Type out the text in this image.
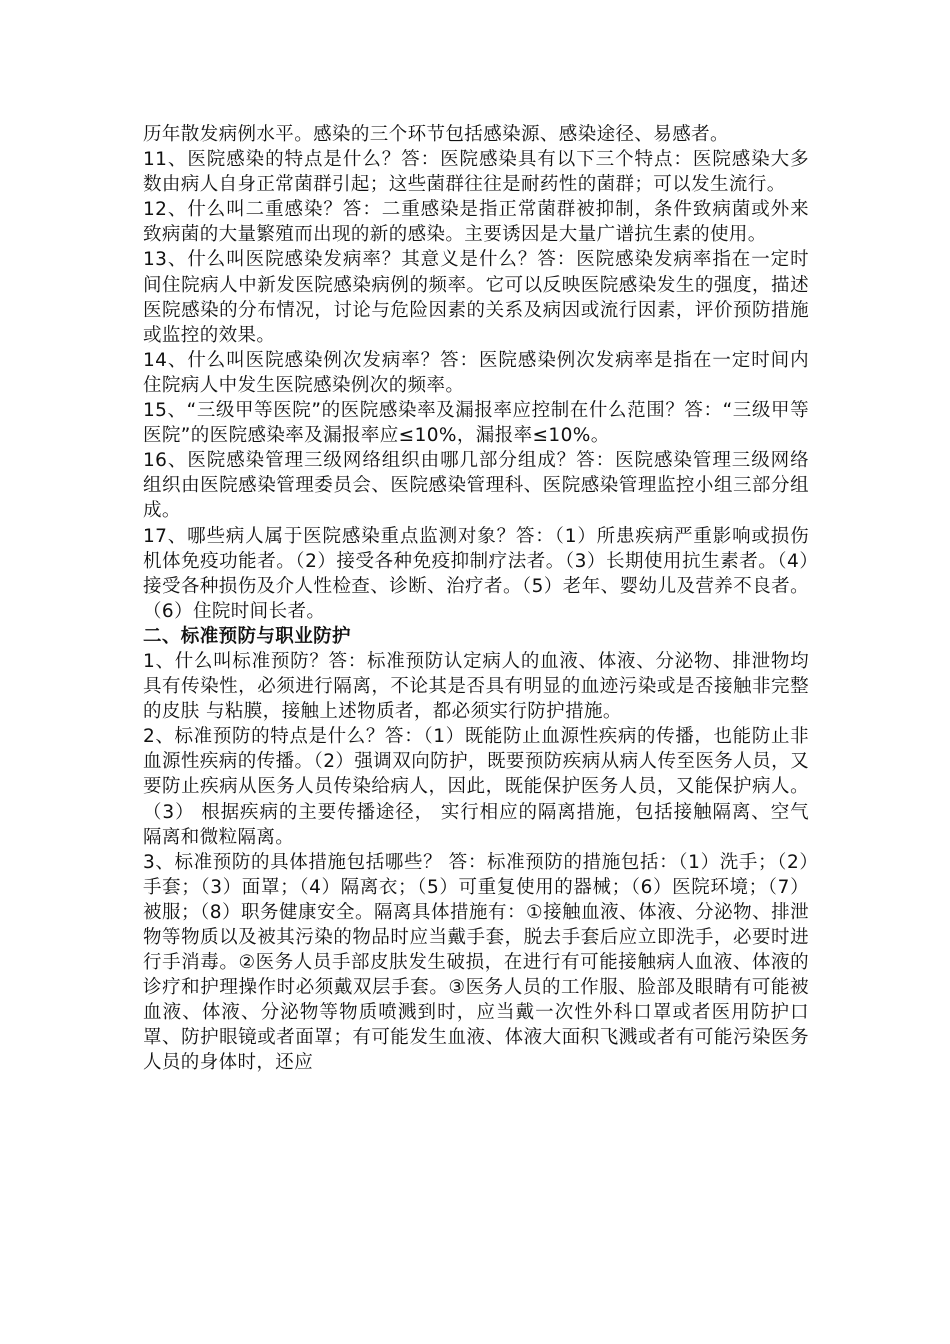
历年散发病例水平。感染的三个环节包括感染源、感染途径、易感者。

11、医院感染的特点是什么？答：医院感染具有以下三个特点：医院感染大多数由病人自身正常菌群引起；这些菌群往往是耐药性的菌群；可以发生流行。

12、什么叫二重感染？答：二重感染是指正常菌群被抑制，条件致病菌或外来致病菌的大量繁殖而出现的新的感染。主要诱因是大量广谱抗生素的使用。

13、什么叫医院感染发病率？其意义是什么？答：医院感染发病率指在一定时间住院病人中新发医院感染病例的频率。它可以反映医院感染发生的强度，描述医院感染的分布情况，讨论与危险因素的关系及病因或流行因素，评价预防措施或监控的效果。

14、什么叫医院感染例次发病率？答：医院感染例次发病率是指在一定时间内住院病人中发生医院感染例次的频率。

15、“三级甲等医院”的医院感染率及漏报率应控制在什么范围？答：“三级甲等医院”的医院感染率及漏报率应≤10%，漏报率≤10%。

16、医院感染管理三级网络组织由哪几部分组成？答：医院感染管理三级网络组织由医院感染管理委员会、医院感染管理科、医院感染管理监控小组三部分组成。

17、哪些病人属于医院感染重点监测对象？答：（1）所患疾病严重影响或损伤机体免疫功能者。（2）接受各种免疫抑制疗法者。（3）长期使用抗生素者。（4）接受各种损伤及介人性检查、诊断、治疗者。（5）老年、婴幼儿及营养不良者。（6）住院时间长者。

二、标准预防与职业防护

1、什么叫标准预防？答：标准预防认定病人的血液、体液、分泌物、排泄物均具有传染性，必须进行隔离，不论其是否具有明显的血迹污染或是否接触非完整的皮肤 与粘膜，接触上述物质者，都必须实行防护措施。

2、标准预防的特点是什么？答：（1）既能防止血源性疾病的传播，也能防止非血源性疾病的传播。（2）强调双向防护，既要预防疾病从病人传至医务人员，又要防止疾病从医务人员传染给病人，因此，既能保护医务人员，又能保护病人。（3） 根据疾病的主要传播途径， 实行相应的隔离措施，包括接触隔离、空气隔离和微粒隔离。

3、标准预防的具体措施包括哪些？ 答：标准预防的措施包括：（1）洗手；（2）手套；（3）面罩；（4）隔离衣；（5）可重复使用的器械；（6）医院环境；（7）被服；（8）职务健康安全。隔离具体措施有：①接触血液、体液、分泌物、排泄物等物质以及被其污染的物品时应当戴手套，脱去手套后应立即洗手，必要时进行手消毒。②医务人员手部皮肤发生破损，在进行有可能接触病人血液、体液的诊疗和护理操作时必须戴双层手套。③医务人员的工作服、脸部及眼睛有可能被血液、体液、分泌物等物质喷溅到时，应当戴一次性外科口罩或者医用防护口罩、防护眼镜或者面罩；有可能发生血液、体液大面积飞溅或者有可能污染医务人员的身体时，还应
